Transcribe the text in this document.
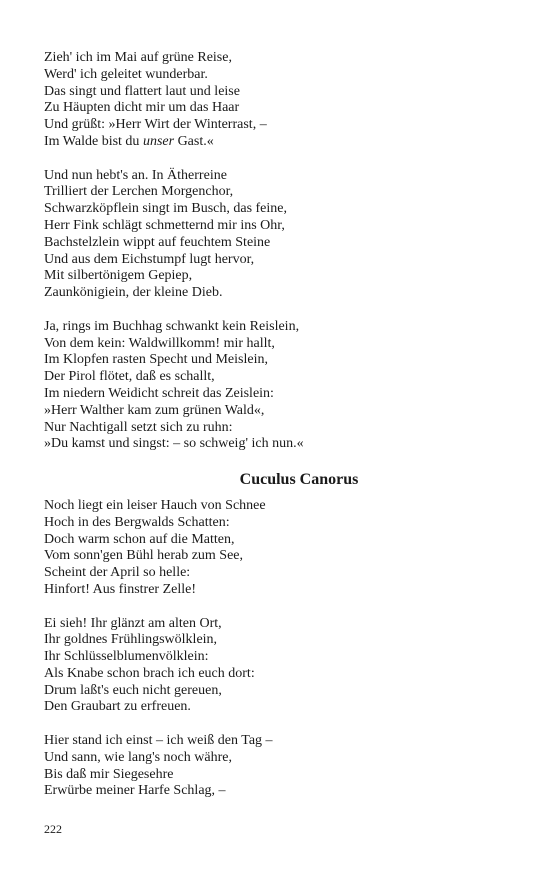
Zieh' ich im Mai auf grüne Reise,
Werd' ich geleitet wunderbar.
Das singt und flattert laut und leise
Zu Häupten dicht mir um das Haar
Und grüßt: »Herr Wirt der Winterrast, –
Im Walde bist du unser Gast.«
Und nun hebt's an. In Ätherreine
Trilliert der Lerchen Morgenchor,
Schwarzköpflein singt im Busch, das feine,
Herr Fink schlägt schmetternd mir ins Ohr,
Bachstelzlein wippt auf feuchtem Steine
Und aus dem Eichstumpf lugt hervor,
Mit silbertönigem Gepiep,
Zaunkönigiein, der kleine Dieb.
Ja, rings im Buchhag schwankt kein Reislein,
Von dem kein: Waldwillkomm! mir hallt,
Im Klopfen rasten Specht und Meislein,
Der Pirol flötet, daß es schallt,
Im niedern Weidicht schreit das Zeislein:
»Herr Walther kam zum grünen Wald«,
Nur Nachtigall setzt sich zu ruhn:
»Du kamst und singst: – so schweig' ich nun.«
Cuculus Canorus
Noch liegt ein leiser Hauch von Schnee
Hoch in des Bergwalds Schatten:
Doch warm schon auf die Matten,
Vom sonn'gen Bühl herab zum See,
Scheint der April so helle:
Hinfort! Aus finstrer Zelle!
Ei sieh! Ihr glänzt am alten Ort,
Ihr goldnes Frühlingswölklein,
Ihr Schlüsselblumenvölklein:
Als Knabe schon brach ich euch dort:
Drum laßt's euch nicht gereuen,
Den Graubart zu erfreuen.
Hier stand ich einst – ich weiß den Tag –
Und sann, wie lang's noch währe,
Bis daß mir Siegesehre
Erwürbe meiner Harfe Schlag, –
222
